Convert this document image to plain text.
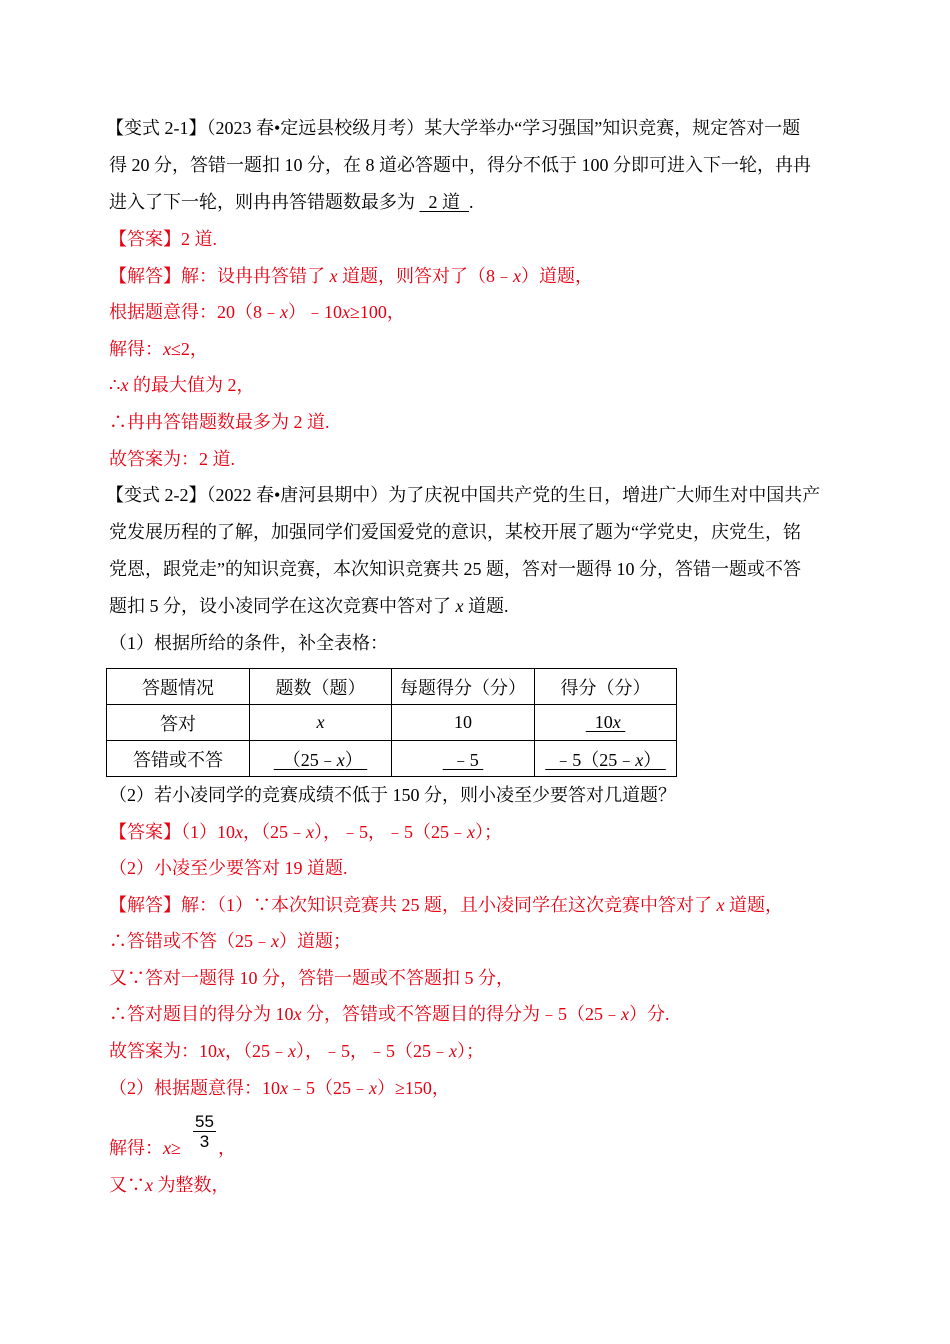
【变式 2-1】（2023 春•定远县校级月考）某大学举办“学习强国”知识竞赛，规定答对一题
得 20 分，答错一题扣 10 分，在 8 道必答题中，得分不低于 100 分即可进入下一轮，冉冉
进入了下一轮，则冉冉答错题数最多为   2 道  .
【答案】2 道.
【解答】解：设冉冉答错了 x 道题，则答对了（8﹣x）道题，
根据题意得：20（8﹣x）﹣10x≥100，
解得：x≤2，
∴x 的最大值为 2，
∴冉冉答错题数最多为 2 道.
故答案为：2 道.
【变式 2-2】（2022 春•唐河县期中）为了庆祝中国共产党的生日，增进广大师生对中国共产
党发展历程的了解，加强同学们爱国爱党的意识，某校开展了题为“学党史，庆党生，铭
党恩，跟党走”的知识竞赛，本次知识竞赛共 25 题，答对一题得 10 分，答错一题或不答
题扣 5 分，设小凌同学在这次竞赛中答对了 x 道题.
（1）根据所给的条件，补全表格：
答题情况	题数（题）	每题得分（分）	得分（分）
答对	x	10	10x
答错或不答	（25﹣x）	﹣5	﹣5（25﹣x）
（2）若小凌同学的竞赛成绩不低于 150 分，则小凌至少要答对几道题？
【答案】（1）10x，（25﹣x），﹣5，﹣5（25﹣x）；
（2）小凌至少要答对 19 道题.
【解答】解：（1）∵本次知识竞赛共 25 题，且小凌同学在这次竞赛中答对了 x 道题，
∴答错或不答（25﹣x）道题；
又∵答对一题得 10 分，答错一题或不答题扣 5 分，
∴答对题目的得分为 10x 分，答错或不答题目的得分为﹣5（25﹣x）分.
故答案为：10x，（25﹣x），﹣5，﹣5（25﹣x）；
（2）根据题意得：10x﹣5（25﹣x）≥150，
解得：$x\ge \frac{55}{3}$ ，
又∵x 为整数，
